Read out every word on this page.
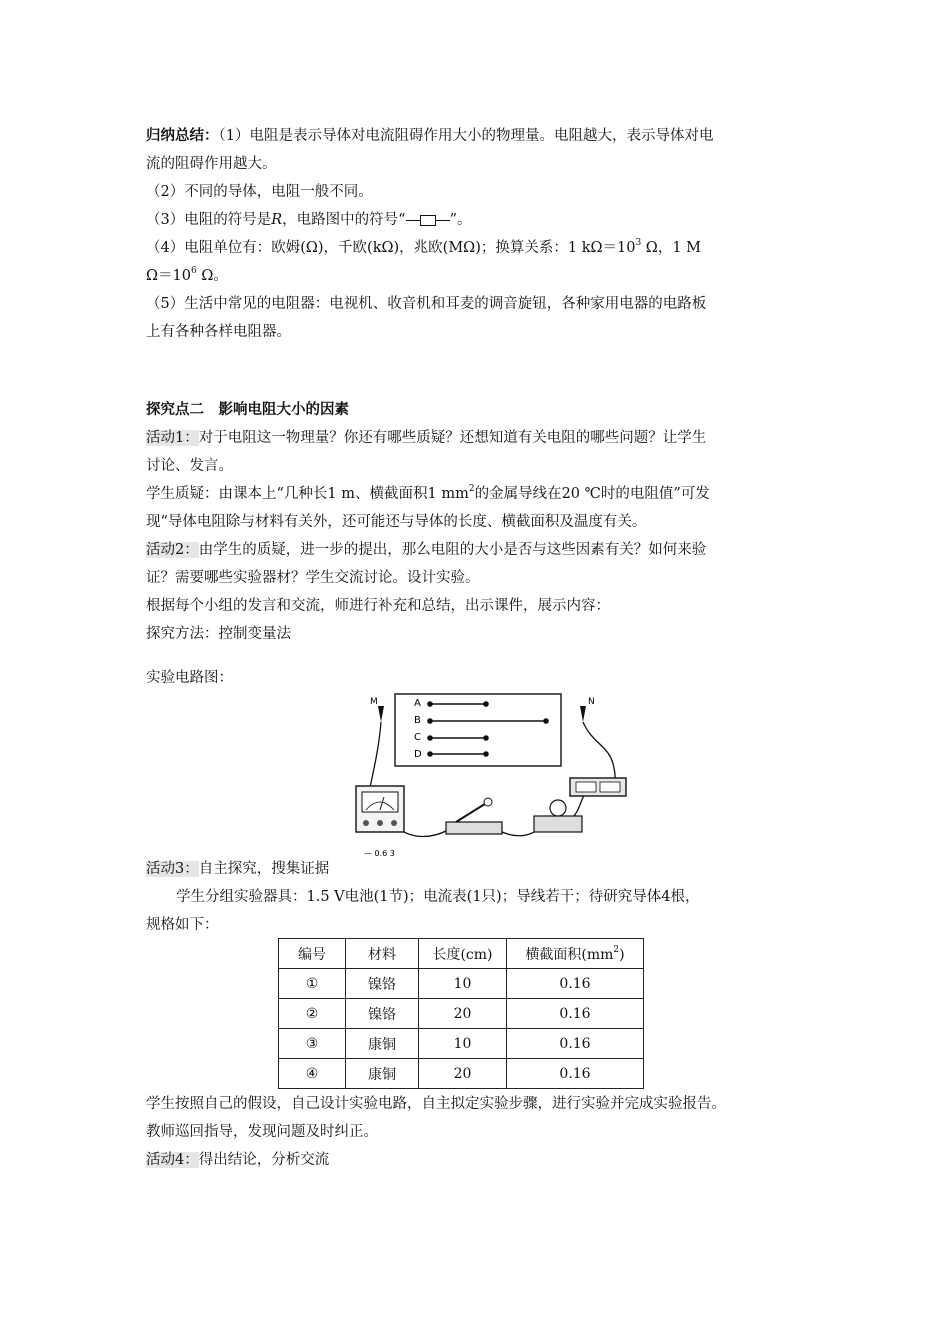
归纳总结：（1）电阻是表示导体对电流阻碍作用大小的物理量。电阻越大，表示导体对电
流的阻碍作用越大。
（2）不同的导体，电阻一般不同。
（3）电阻的符号是R，电路图中的符号“	”。
（4）电阻单位有：欧姆(Ω)，千欧(kΩ)，兆欧(MΩ)；换算关系：1 $k\Omega=10^3$ Ω，1 M
$\Omega=10^6$ Ω。
（5）生活中常见的电阻器：电视机、收音机和耳麦的调音旋钮，各种家用电器的电路板
上有各种各样电阻器。
探究点二　影响电阻大小的因素
活动1：对于电阻这一物理量？你还有哪些质疑？还想知道有关电阻的哪些问题？让学生
讨论、发言。
学生质疑：由课本上“几种长1 m、横截面积1 $mm^2$的金属导线在20 ℃时的电阻值”可发
现“导体电阻除与材料有关外，还可能还与导体的长度、横截面积及温度有关。
活动2：由学生的质疑，进一步的提出，那么电阻的大小是否与这些因素有关？如何来验
证？需要哪些实验器材？学生交流讨论。设计实验。
根据每个小组的发言和交流，师进行补充和总结，出示课件，展示内容：
探究方法：控制变量法
实验电路图：
A
B
C
D
M	N
— 0.6 3
活动3：自主探究，搜集证据
学生分组实验器具：1.5 V电池(1节)；电流表(1只)；导线若干；待研究导体4根，
规格如下：
编号	材料	长度(cm)	横截面积$(mm^2)$
①	镍铬	10	0.16
②	镍铬	20	0.16
③	康铜	10	0.16
④	康铜	20	0.16
学生按照自己的假设，自己设计实验电路，自主拟定实验步骤，进行实验并完成实验报告。
教师巡回指导，发现问题及时纠正。
活动4：得出结论，分析交流
